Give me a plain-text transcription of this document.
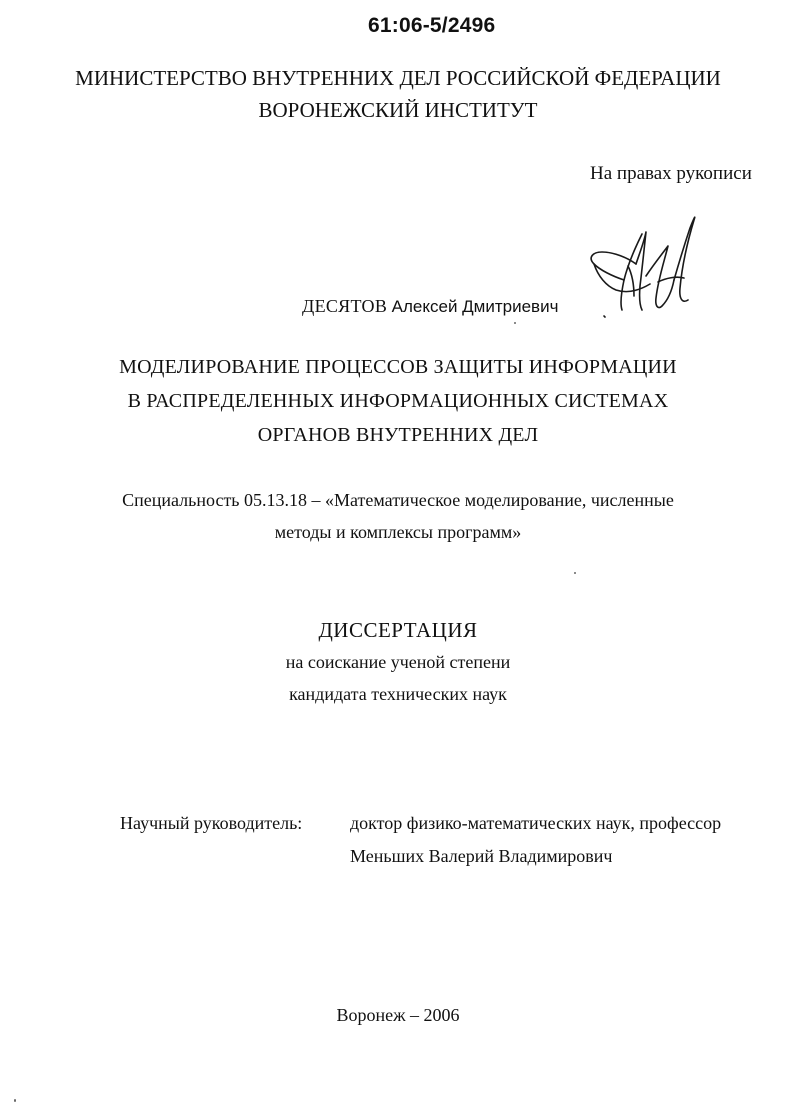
61:06-5/2496
МИНИСТЕРСТВО ВНУТРЕННИХ ДЕЛ РОССИЙСКОЙ ФЕДЕРАЦИИ
ВОРОНЕЖСКИЙ ИНСТИТУТ
На правах рукописи
ДЕСЯТОВ Алексей Дмитриевич
МОДЕЛИРОВАНИЕ ПРОЦЕССОВ ЗАЩИТЫ ИНФОРМАЦИИ
В РАСПРЕДЕЛЕННЫХ ИНФОРМАЦИОННЫХ СИСТЕМАХ
ОРГАНОВ ВНУТРЕННИХ ДЕЛ
Специальность 05.13.18 – «Математическое моделирование, численные
методы и комплексы программ»
ДИССЕРТАЦИЯ
на соискание ученой степени
кандидата технических наук
Научный руководитель:	доктор физико-математических наук, профессор
Меньших Валерий Владимирович
Воронеж – 2006
